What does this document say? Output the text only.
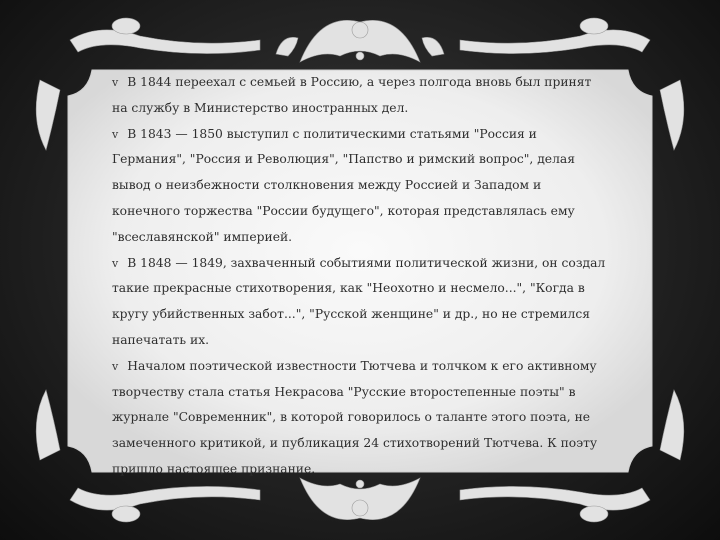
v В 1844 переехал с семьей в Россию, а через полгода вновь был принят на службу в Министерство иностранных дел.

v В 1843 — 1850 выступил с политическими статьями "Россия и Германия", "Россия и Революция", "Папство и римский вопрос", делая вывод о неизбежности столкновения между Россией и Западом и конечного торжества "России будущего", которая представлялась ему "всеславянской" империей.

v В 1848 — 1849, захваченный событиями политической жизни, он создал такие прекрасные стихотворения, как "Неохотно и несмело...", "Когда в кругу убийственных забот...", "Русской женщине" и др., но не стремился напечатать их.

v Началом поэтической известности Тютчева и толчком к его активному творчеству стала статья Некрасова "Русские второстепенные поэты" в журнале "Современник", в которой говорилось о таланте этого поэта, не замеченного критикой, и публикация 24 стихотворений Тютчева. К поэту пришло настоящее признание.
